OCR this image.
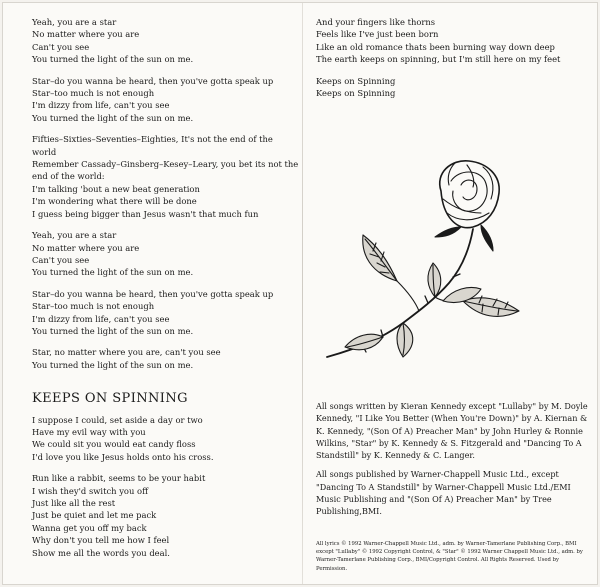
Yeah, you are a star
No matter where you are
Can't you see
You turned the light of the sun on me.
Star–do you wanna be heard, then you've gotta speak up
Star–too much is not enough
I'm dizzy from life, can't you see
You turned the light of the sun on me.
Fifties–Sixties–Seventies–Eighties, It's not the end of the
world
Remember Cassady–Ginsberg–Kesey–Leary, you bet its not the
end of the world:
I'm talking 'bout a new beat generation
I'm wondering what there will be done
I guess being bigger than Jesus wasn't that much fun
Yeah, you are a star
No matter where you are
Can't you see
You turned the light of the sun on me.
Star–do you wanna be heard, then you've gotta speak up
Star–too much is not enough
I'm dizzy from life, can't you see
You turned the light of the sun on me.
Star, no matter where you are, can't you see
You turned the light of the sun on me.
KEEPS ON SPINNING
I suppose I could, set aside a day or two
Have my evil way with you
We could sit you would eat candy floss
I'd love you like Jesus holds onto his cross.
Run like a rabbit, seems to be your habit
I wish they'd switch you off
Just like all the rest
Just be quiet and let me pack
Wanna get you off my back
Why don't you tell me how I feel
Show me all the words you deal.
And your fingers like thorns
Feels like I've just been born
Like an old romance thats been burning way down deep
The earth keeps on spinning, but I'm still here on my feet
Keeps on Spinning
Keeps on Spinning

All songs written by Kieran Kennedy except "Lullaby" by M. Doyle Kennedy, "I Like You Better (When You're Down)" by A. Kiernan & K. Kennedy, "(Son Of A) Preacher Man" by John Hurley & Ronnie Wilkins, "Star" by K. Kennedy & S. Fitzgerald and "Dancing To A Standstill" by K. Kennedy & C. Langer.

All songs published by Warner-Chappell Music Ltd., except "Dancing To A Standstill" by Warner-Chappell Music Ltd./EMI Music Publishing and "(Son Of A) Preacher Man" by Tree Publishing,BMI.

All lyrics © 1992 Warner-Chappell Music Ltd., adm. by Warner-Tamerlane Publishing Corp., BMI except "Lullaby" © 1992 Copyright Control, & "Star" © 1992 Warner Chappell Music Ltd., adm. by Warner-Tamerlane Publishing Corp., BMI/Copyright Control. All Rights Reserved. Used by Permission.
